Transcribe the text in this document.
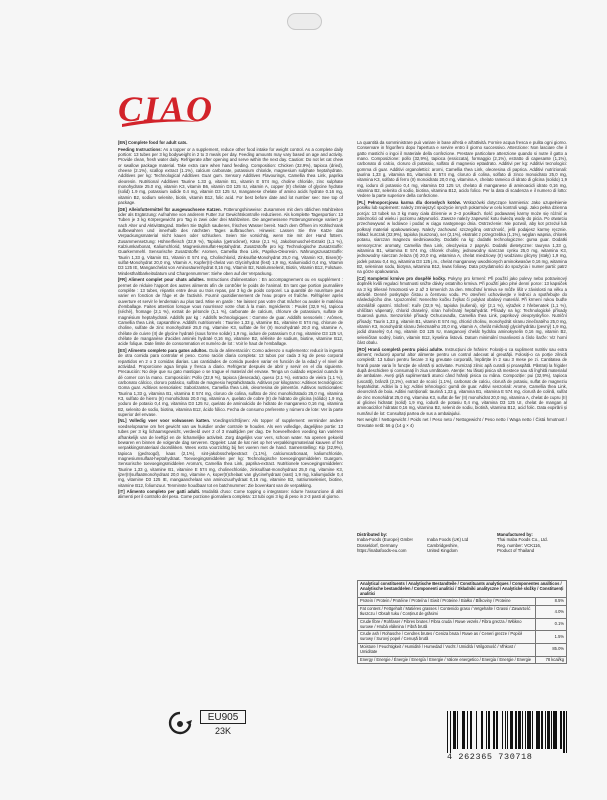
CIAO

[EN] Complete food for adult cats.

Feeding Instructions: As a topper or a supplement, reduce other food intake for weight control. As a complete daily portion: 13 tubes per 3 kg bodyweight in 2 to 3 meals per day. Feeding amounts may vary based on age and activity. Provide clean, fresh water daily. Refrigerate after opening and serve within the next day. Caution: Do not let cat chew or swallow package material. Take extra care when hand feeding. Composition: Chicken (32.9%), tapioca (dried), cheese (2.1%), scallop extract (1.1%), calcium carbonate, potassium chloride, magnesium sulphate heptahydrate. Additives per kg: Technological Additives Guar gum. Sensory Additives Flavourings, Camellia thea Link, paprika oleoresin. Nutritional Additives Taurine 1.33 g, vitamin B1, vitamin E 574 mg, choline chloride, zinc sulphate monohydrate 25.0 mg, vitamin K3, vitamin B6, vitamin D3 125 IU, vitamin A, copper (II) chelate of glycine hydrate (solid) 1.9 mg, potassium iodide 0.4 mg, vitamin D3 125 IU, manganese chelate of amino acids hydrate 0.16 mg, vitamin B2, sodium selenite, biotin, vitamin B12, folic acid. For best before date and lot number see: See top of package.

[DE] Alleinfuttermittel für ausgewachsene Katzen. Fütterungshinweise: Zusammen mit dem üblichen Mahlzeiten oder als Ergänzung: Aufnahme von anderem Futter zur Gewichtskontrolle reduzieren. Als komplette Tagesportion: 13 Tuben je 3 kg Körpergewicht pro Tag in zwei oder drei Mahlzeiten. Die angemessene Fütterungsmenge variiert je nach Alter und Aktivitätsgrad. Stellen Sie täglich sauberes, frisches Wasser bereit. Nach dem Öffnen im Kühlschrank aufbewahren und innerhalb des nächsten Tages aufbrauchen. Hinweis: Lassen Sie Ihre Katze das Verpackungsmaterial nicht kauen oder schlucken. Seien Sie vorsichtig, wenn Sie mit der Hand füttern. Zusammensetzung: Hühnerfleisch (32,9 %), Tapioka (getrocknet), Käse (2,1 %), Jakobsmuschel-Extrakt (1,1 %), Kalziumkarbonat, Kaliumchlorid, Magnesiumsulfat-Heptahydrat. Zusatzstoffe pro kg: Technologische Zusatzstoffe: Guarkernmehl. Sensorische Zusatzstoffe: Aromen, Camellia thea Link, Paprika-Oleoresin. Nährungszusatzstoffe: Taurin 1,33 g, Vitamin B1, Vitamin E 574 mg, Cholinchlorid, Zinksulfat-Monohydrat 25,0 mg, Vitamin K3, Eisen(II)-sulfat-Monohydrat 20,0 mg, Vitamin A, Kupfer(II)-chelat von Glycinhydrat (fest) 1,9 mg, Kaliumiodid 0,4 mg, Vitamin D3 125 IE, Manganchelat von Aminosäurenhydrat 0,16 mg, Vitamin B2, Natriumselenit, Biotin, Vitamin B12, Folsäure. Mindesthaltbarkeitsdatum und Chargennummer: Siehe oben auf der Verpackung.

[FR] Aliment complet pour chats adultes. Instructions d'alimentation : En accompagnement ou en supplément : permet de réduire l'apport des autres aliments afin de contrôler le poids de l'animal. En tant que portion journalière complète : 13 tubes, répartis entre deux ou trois repas, par 3 kg de poids corporel. La quantité de nourriture peut varier en fonction de l'âge et de l'activité. Fournir quotidiennement de l'eau propre et fraîche. Réfrigérer après ouverture et servir le lendemain au plus tard. Mise en garde : Ne laissez pas votre chat mâcher ou avaler le matériau d'emballage. Faites attention lorsque vous nourrissez votre chat à la main. Ingrédients : Poulet (32,9 %), tapioca (séché), fromage (2,1 %), extrait de pétoncle (1,1 %), carbonate de calcium, chlorure de potassium, sulfate de magnésium heptahydraté. Additifs par kg : Additifs technologiques : Gomme de guar. Additifs sensoriels : Arômes, Camellia thea Link, capsanthine. Additifs nutritionnels : Taurine 1,33 g, vitamine B1, vitamine E 574 mg, chlorure de choline, sulfate de zinc monohydraté 25,0 mg, vitamine K3, sulfate de fer (II) monohydraté 20,0 mg, vitamine A, chélate de cuivre (II) de glycine hydraté (sous forme solide) 1,9 mg, iodure de potassium 0,4 mg, vitamine D3 125 UI, chélate de manganèse d'acides aminés hydraté 0,16 mg, vitamine B2, sélénite de sodium, biotine, vitamine B12, acide folique. Date limite de consommation et numéro de lot : Voir le haut de l'emballage.

[ES] Alimento completo para gatos adultos. Guía de alimentación: Como aderezo o suplemento: reducir la ingesta de otra comida para controlar el peso. Como ración diaria completa: 13 tubos por cada 3 kg de peso corporal repartidos en 2 o 3 comidas diarias. Las cantidades de comida pueden variar en función de la edad y el nivel de actividad. Proporcione agua limpia y fresca a diario. Refrigerar después de abrir y servir en el día siguiente. Precaución: No deje que su gato mastique o se trague el material del envase. Tenga un cuidado especial cuando le dé comer con la mano. Composición: Pollo (32,9 %), tapioca (desecada), queso (2,1 %), extracto de vieira (1,1 %), carbonato cálcico, cloruro potásico, sulfato de magnesio heptahidratado. Aditivos por kilogramo: Aditivos tecnológicos: Goma guar. Aditivos sensoriales: Saborizantes, Camellia thea Link, oleorresina de pimentón. Aditivos nutricionales: Taurina 1,33 g, vitamina B1, vitamina E 574 mg, cloruro de colina, sulfato de zinc monohidratado 25,0 mg, vitamina K3, sulfato de hierro (II) monohidrato 20,0 mg, vitamina A, quelato de cobre (II) de hidrato de glicina (sólido) 1,9 mg, yoduro de potasio 0,4 mg, vitamina D3 125 IU, quelato de aminoácido de hidrato de manganeso 0,16 mg, vitamina B2, selenito de sodio, biotina, vitamina B12, ácido fólico. Fecha de consumo preferente y número de lote: Ver la parte superior del envase.

[NL] Volledig voer voor volwassen katten. Voedingsrichtlijnen: Als topper of supplement: verminder andere voedselopname om het gewicht van uw huisdier onder controle te houden. Als een volledige, dagelijkse portie: 13 tubes per 3 kg lichaamsgewicht, verdeeld over 2 of 3 maaltijden per dag. De hoeveelheden voeding kan variëren afhankelijk van de leeftijd en de lichamelijke activiteit. Zorg dagelijks voor vers, schoon water. Na openen gekoeld bewaren en binnen de volgende dag serveren. Opgelet: Laat de kat niet op het verpakkingsmateriaal kauwen of het verpakkingsmateriaal doorslikken. Wees extra voorzichtig bij het voeren met de hand. Samenstelling: Kip (32,9%), tapioca (gedroogd), kaas (2,1%), sint-jakobsschelpextract (1,1%), calciumcarbonaat, kaliumchloride, magnesiumsulfaat-heptahydraat. Toevoegingsmiddelen per kg: Technologische toevoegingsmiddelen Guargom. Sensorische toevoegingsmiddelen Aroma's, Camellia thea Link, paprika-extract. Nutritionele toevoegingsmiddelen: Taurine 1,33 g, vitamine B1, vitamine E 574 mg, cholinechloride, zinksulfaat-monohydraat 25,0 mg, vitamine K3, ijzer(II)sulfaatmonohydraat 20,0 mg, vitamine A, koper(II)chelaat van glycinehydraat (vast) 1,9 mg, kaliumjodide 0,4 mg, vitamine D3 125 IE, mangaanchelaat van aminozuurhydraat 0,16 mg, vitamine B2, natriumseleniet, biotine, vitamine B12, foliumzuur. Tenminste houdbaar tot en batchnummer: Zie bovenkant van de verpakking.

[IT] Alimento completo per gatti adulti. Modalità d'uso: Come topping o integratore: ridurre l'assunzione di altri alimenti per il controllo del peso. Come porzione giornaliera completa: 13 tubi ogni 3 kg di peso in 2-3 pasti al giorno.

La quantità da somministrare può variare in base all'età e all'attività. Fornire acqua fresca e pulita ogni giorno. Conservare in frigorifero dopo l'apertura e servire entro il giorno successivo. Attenzione: Non lasciare che il gatto mastichi o ingoi il materiale della confezione. Prestare particolare attenzione quando si nutre il gatto a mano. Composizione: pollo (32,9%), tapioca (essiccata), formaggio (2,1%), estratto di capesante (1,1%), carbonato di calcio, cloruro di potassio, solfato di magnesio eptaidrato. Additivi per kg: Additivi tecnologici: gomma di guar. Additivi organolettici: aromi, Camellia thea Link, oleoresina di paprica. Additivi nutrizionali: taurina 1,33 g, vitamina B1, vitamina E 574 mg, cloruro di colina, solfato di zinco monoidrato 25,0 mg, vitamina K3, solfato di ferro (II) monoidrato 20,0 mg, vitamina A, chelato rameico di idrato di glicina (solido) 1,9 mg, ioduro di potassio 0,4 mg, vitamina D3 125 UI, chelato di manganese di aminoacidi idrato 0,16 mg, vitamina B2, selenito di sodio, biotina, vitamina B12, acido folico. Per la data di scadenza e il numero di lotto: Vedere la parte superiore della confezione.

[PL] Pełnoporcjowa karma dla dorosłych kotów. Wskazówki dotyczące karmienia: Jako uzupełnienie posiłku lub suplement: należy zmniejszyć spożycie innych pokarmów w celu kontroli wagi. Jako pełna dzienna porcja: 13 tubek na 3 kg masy ciała dziennie w 2–3 posiłkach. Ilość podawanej karmy może się różnić w zależności od wieku i poziomu aktywności. Zawsze należy zapewnić kotu świeżą wodę do picia. Po otwarciu przechowywać w lodówce i podać w ciągu następnego dnia. Ostrzeżenie: Nie pozwól, aby kot przeżuł lub połknął materiał opakowaniowy. Należy zachować szczególną ostrożność, jeśli podajesz karmę ręcznie. Skład: kurczak (32,9%), tapioka (suszona), ser (2,1%), ekstrakt z przegrzebka (1,1%), węglan wapnia, chlorek potasu, siarczan magnezu siedmiowodny. Dodatki na kg: dodatki technologiczne: guma guar. Dodatki sensoryczne: aromaty, Camellia thea Link, oleożywica z papryki. Dodatki dietetyczne: tauryna 1,33 g, witamina B1, witamina E 574 mg, chlorek choliny, jednowodny siarczan cynku 25,0 mg, witamina K3, jednowodny siarczan żelaza (II) 20,0 mg, witamina A, chelat miedziowy (II) wodzianu glicyny (stały) 1,9 mg, jodek potasu 0,4 mg, witamina D3 125 j.m., chelat manganowy uwodnionych aminokwasów 0,16 mg, witamina B2, seleninan sodu, biotyna, witamina B12, kwas foliowy. Data przydatności do spożycia i numer partii: patrz na górze opakowania.

[CZ] Kompletní krmivo pro dospělé kočky. Pokyny pro krmení: Při použití jako polevy nebo potravinový doplněk kvůli regulaci hmotnosti snižte dávky ostatního krmiva. Při použití jako plné denní porce: 13 kapsiček na 3 kg tělesné hmotnosti ve 2 až 3 krmeních za den. Množství krmiva se může lišit v závislosti na věku a aktivitě. Denně poskytujte čistou a čerstvou vodu. Po otevření uchovávejte v lednici a spotřebujte do následujícího dne. Upozornění: Nenechte kočku žvýkat či polykat obalový materiál. Při krmení rukou buďte obzvláště opatrní. Složení: Kuře (32,9 %), tapioka (sušená), sýr (2,1 %), výtažek z hřebenatek (1,1 %), uhličitan vápenatý, chlorid draselný, síran hořečnatý heptahydrát. Přísady na kg: Technologické přísady Guarová guma. Senzorické přísady Ochucovadla, Camellia thea Link, paprikový oleopryskyřice. Nutriční přísady: Taurin 1,33 g, vitamin B1, vitamin E 574 mg, chlorid cholinu, monohydrát síranu zinečnatého 25,0 mg, vitamin K3, monohydrát síranu železnatého 20,0 mg, vitamin A, chelát měďnatý glycinhydrátu (pevný) 1,9 mg, jodid draselný 0,4 mg, vitamin D3 125 IU, manganový chelát hydrátu aminokyselin 0,16 mg, vitamin B2, seleničitan sodný, biotin, vitamin B12, kyselina listová. Datum minimální trvanlivosti a číslo šarže: Viz horní část obalu.

[RO] Hrană completă pentru pisici adulte. Instrucțiuni de hrănire: Folosiți-o ca supliment nutritiv sau extra aliment; reduceți aportul altor alimente pentru un control adecvat al greutății. Folosiți-o ca porție zilnică completă: 13 tuburi pentru fiecare 3 kg greutate corporală, împărțite în 2 sau 3 mese pe zi. Cantitatea de hrană poate varia în funcție de vârstă și activitate. Furnizați zilnic apă curată și proaspătă. Păstrați la frigider după deschidere și consumați în ziua următoare. Atenție: Nu lăsați pisica să mestece sau să înghită materialul de ambalare. Aveți grijă suplimentară atunci când hrăniți pisica cu mâna. Compoziție: pui (32,9%), tapioca (uscată), brânză (2,1%), extract de scoici (1,1%), carbonat de calciu, clorură de potasiu, sulfat de magneziu heptahidrat. Aditivi la 1 kg: Aditivi tehnologici: gumă de guar. Aditivi senzoriali: Arome, Camellia thea Link, oleorezină de boia. Aditivi nutriționali: taurină 1,33 g, vitamina B1, vitamina E 574 mg, clorură de colină, sulfat de zinc monohidrat 25,0 mg, vitamina K3, sulfat de fier (II) monohidrat 20,0 mg, vitamina A, chelat de cupru (II) al glicinei hidratat (solid) 1,9 mg, iodură de potasiu 0,4 mg, vitamina D3 125 UI, chelat de mangan al aminoacizilor hidratat 0,16 mg, vitamina B2, selenit de sodiu, biotină, vitamina B12, acid folic. Data expirării și numărul de lot: Consultați partea de sus a ambalajului.

Net weight / Nettogewicht / Poids net / Peso neto / Nettogewicht / Peso netto / Waga netto / Čistá hmotnost / Greutate netă: 56 g (14 g × 4)

Distributed by:
Inaba-Foods (Europe) GmbH
Düsseldorf, Germany
https://inabafoods-eu.com
Inaba Foods (UK) Ltd
Cambridgeshire,
United Kingdom
Manufactured by:
Thai Inaba Foods Co., Ltd.
Reg. number: VCK116,
Product of Thailand
Analytical constituents / Analytische Bestandteile / Constituants analytiques / Componentes analíticos / Analytische bestanddelen / Componenti analitici / Składniki analityczne / Analytické složky / Constituenți analitici	
Protein / Protein / Protéine / Proteína / Eiwit / Proteine / Białko / Bílkoviny / Proteine	8.5%
Fat content / Fettgehalt / Matières grasses / Contenido graso / Vetgehalte / Grassi / Zawartość tłuszczu / Obsah tuku / Conținut de grăsimi	4.0%
Crude fibre / Rohfaser / Fibres brutes / Fibra cruda / Ruwe vezels / Fibra grezza / Włókno surowe / Hrubá vláknina / Fibră brută	0.1%
Crude ash / Rohasche / Cendres brutes / Ceniza bruta / Ruwe as / Ceneri grezze / Popiół surowy / Surový popel / Cenușă brută	1.5%
Moisture / Feuchtigkeit / Humidité / Humedad / Vocht / Umidità / Wilgotność / Vlhkost / Umiditate	85.0%
Energy / Energie / Énergie / Energía / Energie / Valore energetico / Energia / Energie / Energie	78 kcal/kg
EU905
23K
4 262365 730718
